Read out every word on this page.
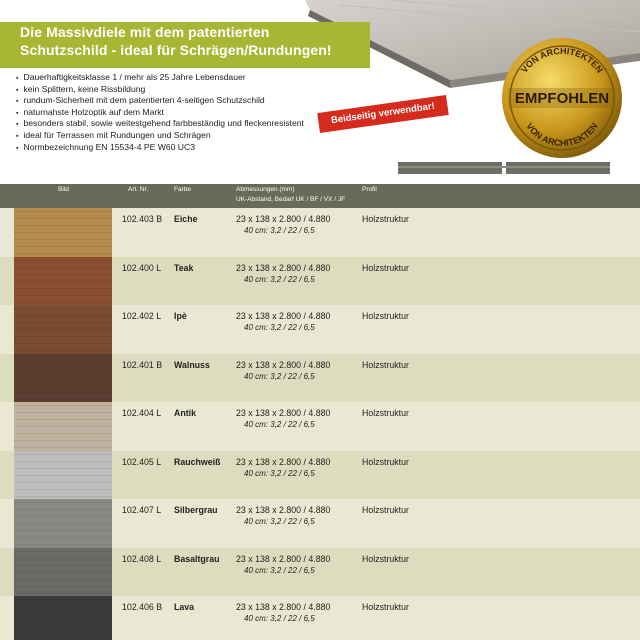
Die Massivdiele mit dem patentierten
Schutzschild - ideal für Schrägen/Rundungen!
▪ Dauerhaftigkeitsklasse 1 / mehr als 25 Jahre Lebensdauer
▪ kein Splittern, keine Rissbildung
▪ rundum-Sicherheit mit dem patentierten 4-seitigen Schutzschild
▪ naturnahste Holzoptik auf dem Markt
▪ besonders stabil, sowie weitestgehend farbbeständig und fleckenresistent
▪ ideal für Terrassen mit Rundungen und Schrägen
▪ Normbezeichnung EN 15534-4 PE W60 UC3
Beidseitig verwendbar!
VON ARCHITEKTEN
EMPFOHLEN
VON ARCHITEKTEN
Bild	Art. Nr.	Farbe	Abmessungen (mm)
UK-Abstand, Bedarf UK / BF / VX / JF
Profil
102.403 B Eiche	23 x 138 x 2.800 / 4.880
40 cm: 3,2 / 22 / 6,5
Holzstruktur
102.400 L Teak	23 x 138 x 2.800 / 4.880
40 cm: 3,2 / 22 / 6,5
Holzstruktur
102.402 L Ipè	23 x 138 x 2.800 / 4.880
40 cm: 3,2 / 22 / 6,5
Holzstruktur
102.401 B Walnuss	23 x 138 x 2.800 / 4.880
40 cm: 3,2 / 22 / 6,5
Holzstruktur
102.404 L Antik	23 x 138 x 2.800 / 4.880
40 cm: 3,2 / 22 / 6,5
Holzstruktur
102.405 L Rauchweiß 23 x 138 x 2.800 / 4.880
40 cm: 3,2 / 22 / 6,5
Holzstruktur
102.407 L Silbergrau 23 x 138 x 2.800 / 4.880
40 cm: 3,2 / 22 / 6,5
Holzstruktur
102.408 L Basaltgrau 23 x 138 x 2.800 / 4.880
40 cm: 3,2 / 22 / 6,5
Holzstruktur
102.406 B Lava	23 x 138 x 2.800 / 4.880
40 cm: 3,2 / 22 / 6,5
Holzstruktur
